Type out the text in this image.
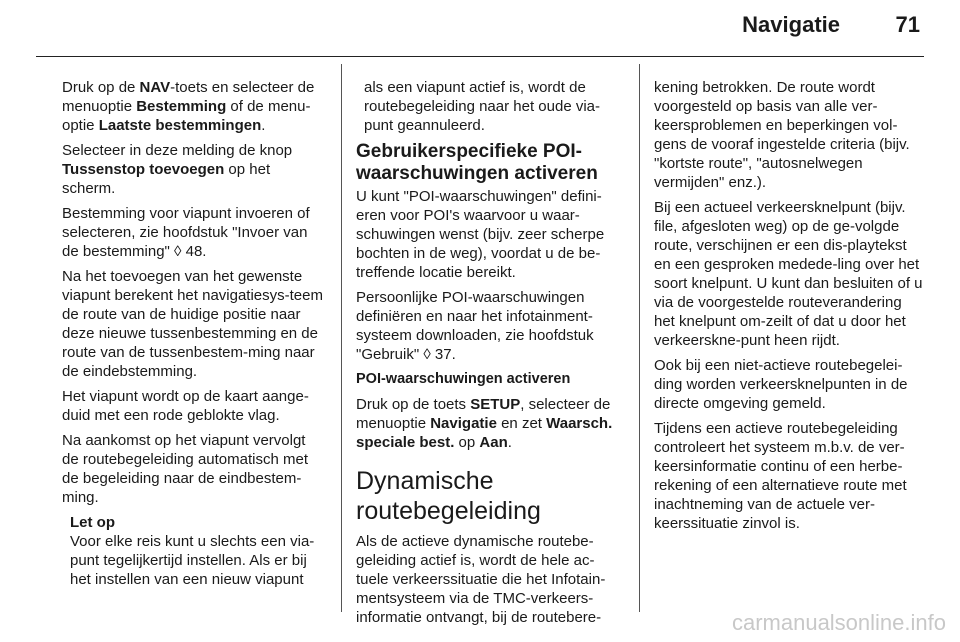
Navigatie	71

Druk op de NAV-toets en selecteer de menuoptie Bestemming of de menu-optie Laatste bestemmingen.

Selecteer in deze melding de knop Tussenstop toevoegen op het scherm.

Bestemming voor viapunt invoeren of selecteren, zie hoofdstuk "Invoer van de bestemming" ◊ 48.

Na het toevoegen van het gewenste viapunt berekent het navigatiesys-teem de route van de huidige positie naar deze nieuwe tussenbestemming en de route van de tussenbestem-ming naar de eindebstemming.

Het viapunt wordt op de kaart aange-duid met een rode geblokte vlag.

Na aankomst op het viapunt vervolgt de routebegeleiding automatisch met de begeleiding naar de eindbestem-ming.

Let op

Voor elke reis kunt u slechts een via-punt tegelijkertijd instellen. Als er bij het instellen van een nieuw viapunt

als een viapunt actief is, wordt de routebegeleiding naar het oude via-punt geannuleerd.

Gebruikerspecifieke POI-waarschuwingen activeren

U kunt "POI-waarschuwingen" defini-eren voor POI's waarvoor u waar-schuwingen wenst (bijv. zeer scherpe bochten in de weg), voordat u de be-treffende locatie bereikt.

Persoonlijke POI-waarschuwingen definiëren en naar het infotainment-systeem downloaden, zie hoofdstuk "Gebruik" ◊ 37.

POI-waarschuwingen activeren

Druk op de toets SETUP, selecteer de menuoptie Navigatie en zet Waarsch. speciale best. op Aan.

Dynamische routebegeleiding

Als de actieve dynamische routebe-geleiding actief is, wordt de hele ac-tuele verkeerssituatie die het Infotain-mentsysteem via de TMC-verkeers-informatie ontvangt, bij de routebere-

kening betrokken. De route wordt voorgesteld op basis van alle ver-keersproblemen en beperkingen vol-gens de vooraf ingestelde criteria (bijv. "kortste route", "autosnelwegen vermijden" enz.).

Bij een actueel verkeersknelpunt (bijv. file, afgesloten weg) op de ge-volgde route, verschijnen er een dis-playtekst en een gesproken medede-ling over het soort knelpunt. U kunt dan besluiten of u via de voorgestelde routeverandering het knelpunt om-zeilt of dat u door het verkeerskne-punt heen rijdt.

Ook bij een niet-actieve routebegelei-ding worden verkeersknelpunten in de directe omgeving gemeld.

Tijdens een actieve routebegeleiding controleert het systeem m.b.v. de ver-keersinformatie continu of een herbe-rekening of een alternatieve route met inachtneming van de actuele ver-keerssituatie zinvol is.

carmanualsonline.info
